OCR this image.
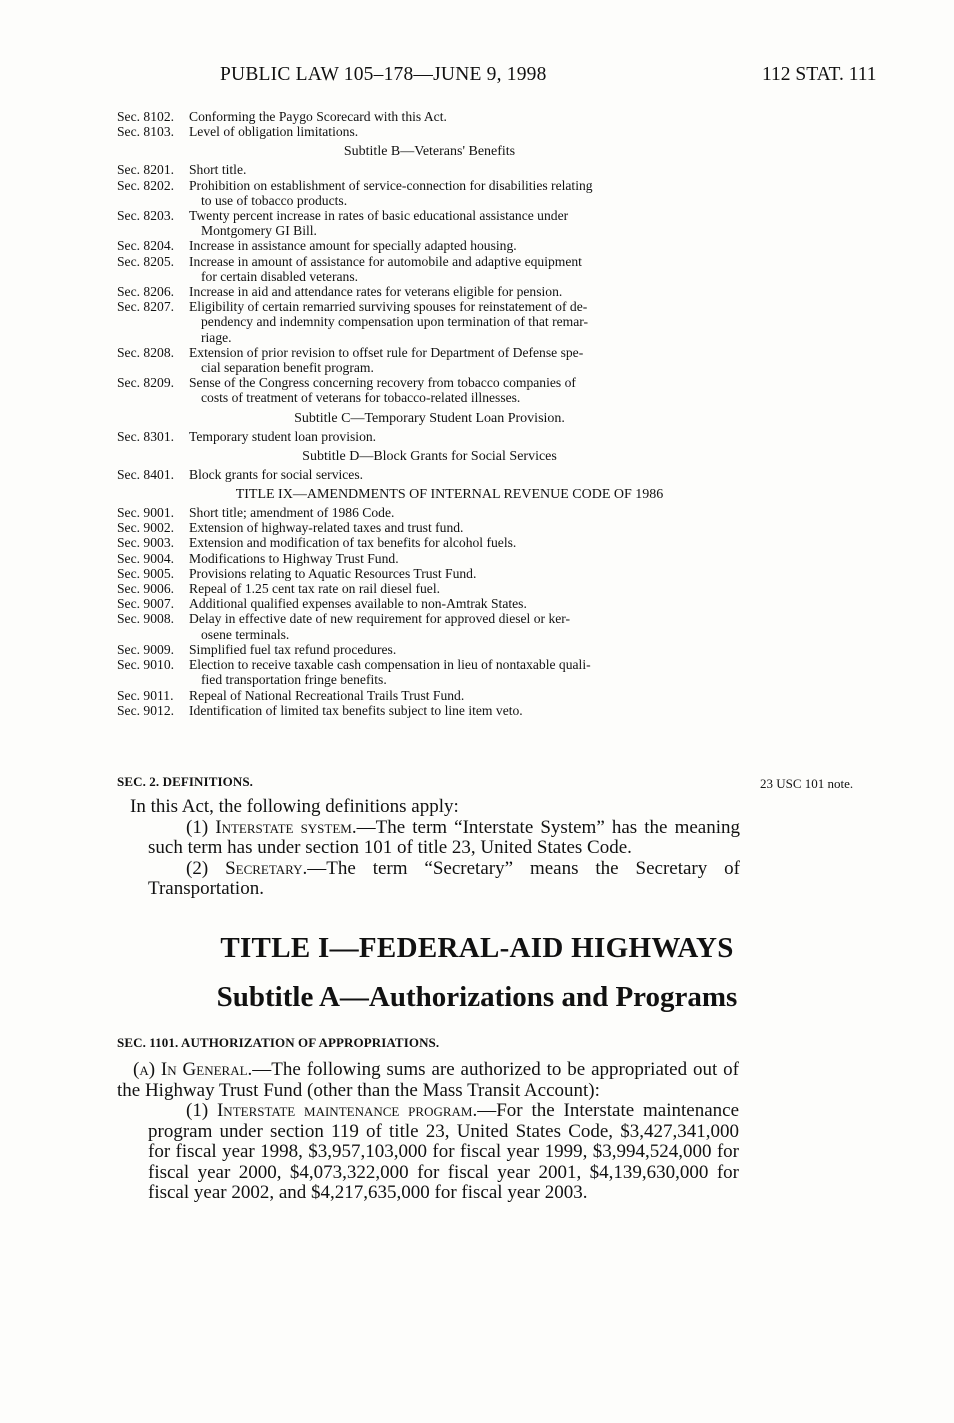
PUBLIC LAW 105–178—JUNE 9, 1998	112 STAT. 111
Sec. 8102.	Conforming the Paygo Scorecard with this Act.
Sec. 8103.	Level of obligation limitations.
Subtitle B—Veterans' Benefits
Sec. 8201.	Short title.
Sec. 8202.	Prohibition on establishment of service-connection for disabilities relating
to use of tobacco products.
Sec. 8203.	Twenty percent increase in rates of basic educational assistance under
Montgomery GI Bill.
Sec. 8204.	Increase in assistance amount for specially adapted housing.
Sec. 8205.	Increase in amount of assistance for automobile and adaptive equipment
for certain disabled veterans.
Sec. 8206.	Increase in aid and attendance rates for veterans eligible for pension.
Sec. 8207.	Eligibility of certain remarried surviving spouses for reinstatement of de-
pendency and indemnity compensation upon termination of that remar-
riage.
Sec. 8208.	Extension of prior revision to offset rule for Department of Defense spe-
cial separation benefit program.
Sec. 8209.	Sense of the Congress concerning recovery from tobacco companies of
costs of treatment of veterans for tobacco-related illnesses.
Subtitle C—Temporary Student Loan Provision.
Sec. 8301.	Temporary student loan provision.
Subtitle D—Block Grants for Social Services
Sec. 8401.	Block grants for social services.
TITLE IX—AMENDMENTS OF INTERNAL REVENUE CODE OF 1986
Sec. 9001.	Short title; amendment of 1986 Code.
Sec. 9002.	Extension of highway-related taxes and trust fund.
Sec. 9003.	Extension and modification of tax benefits for alcohol fuels.
Sec. 9004.	Modifications to Highway Trust Fund.
Sec. 9005.	Provisions relating to Aquatic Resources Trust Fund.
Sec. 9006.	Repeal of 1.25 cent tax rate on rail diesel fuel.
Sec. 9007.	Additional qualified expenses available to non-Amtrak States.
Sec. 9008.	Delay in effective date of new requirement for approved diesel or ker-
osene terminals.
Sec. 9009.	Simplified fuel tax refund procedures.
Sec. 9010.	Election to receive taxable cash compensation in lieu of nontaxable quali-
fied transportation fringe benefits.
Sec. 9011.	Repeal of National Recreational Trails Trust Fund.
Sec. 9012.	Identification of limited tax benefits subject to line item veto.
SEC. 2. DEFINITIONS.	23 USC 101 note.

In this Act, the following definitions apply:

(1) Interstate system.—The term “Interstate System” has the meaning such term has under section 101 of title 23, United States Code.

(2) Secretary.—The term “Secretary” means the Secretary of Transportation.

TITLE I—FEDERAL-AID HIGHWAYS
Subtitle A—Authorizations and Programs
SEC. 1101. AUTHORIZATION OF APPROPRIATIONS.

(a) In General.—The following sums are authorized to be appropriated out of the Highway Trust Fund (other than the Mass Transit Account):

(1) Interstate maintenance program.—For the Interstate maintenance program under section 119 of title 23, United States Code, $3,427,341,000 for fiscal year 1998, $3,957,103,000 for fiscal year 1999, $3,994,524,000 for fiscal year 2000, $4,073,322,000 for fiscal year 2001, $4,139,630,000 for fiscal year 2002, and $4,217,635,000 for fiscal year 2003.
